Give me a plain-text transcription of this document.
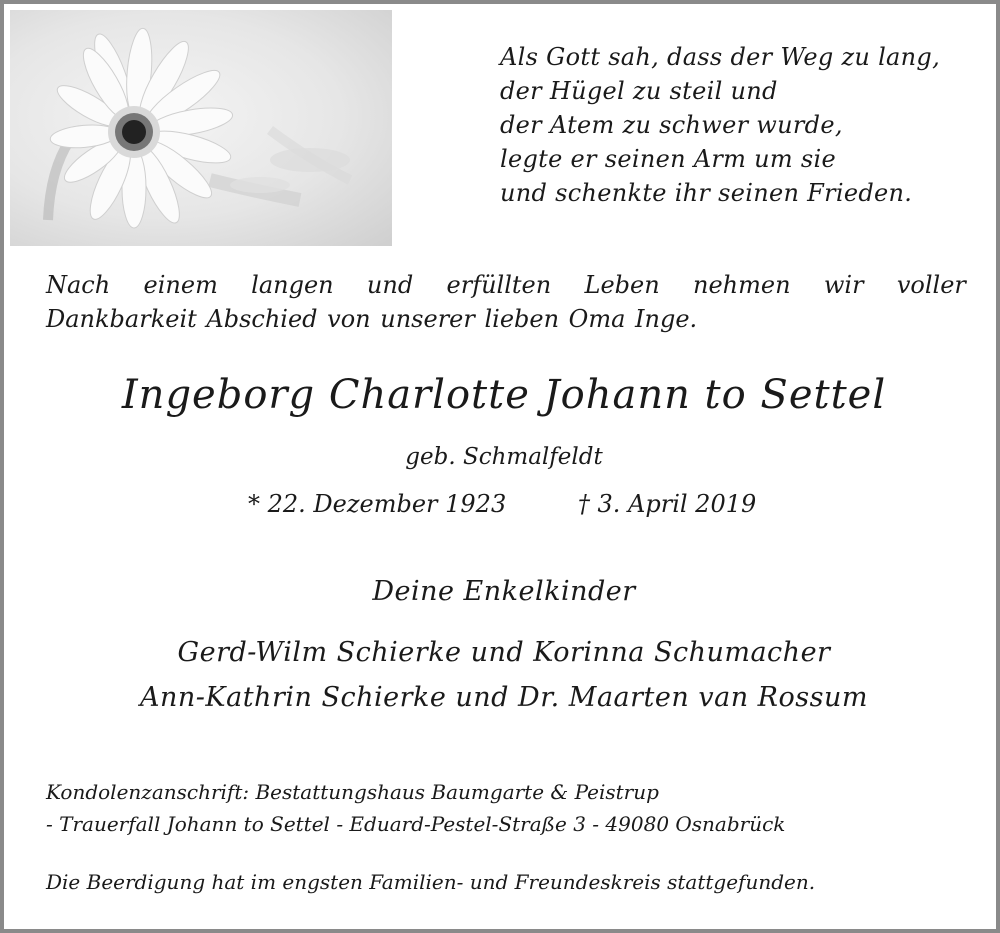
Als Gott sah, dass der Weg zu lang,
der Hügel zu steil und
der Atem zu schwer wurde,
legte er seinen Arm um sie
und schenkte ihr seinen Frieden.
Nach einem langen und erfüllten Leben nehmen wir voller
Dankbarkeit Abschied von unserer lieben Oma Inge.
Ingeborg Charlotte Johann to Settel
geb. Schmalfeldt
* 22. Dezember 1923	† 3. April 2019
Deine Enkelkinder
Gerd-Wilm Schierke und Korinna Schumacher
Ann-Kathrin Schierke und Dr. Maarten van Rossum
Kondolenzanschrift: Bestattungshaus Baumgarte & Peistrup
- Trauerfall Johann to Settel - Eduard-Pestel-Straße 3 - 49080 Osnabrück
Die Beerdigung hat im engsten Familien- und Freundeskreis stattgefunden.
